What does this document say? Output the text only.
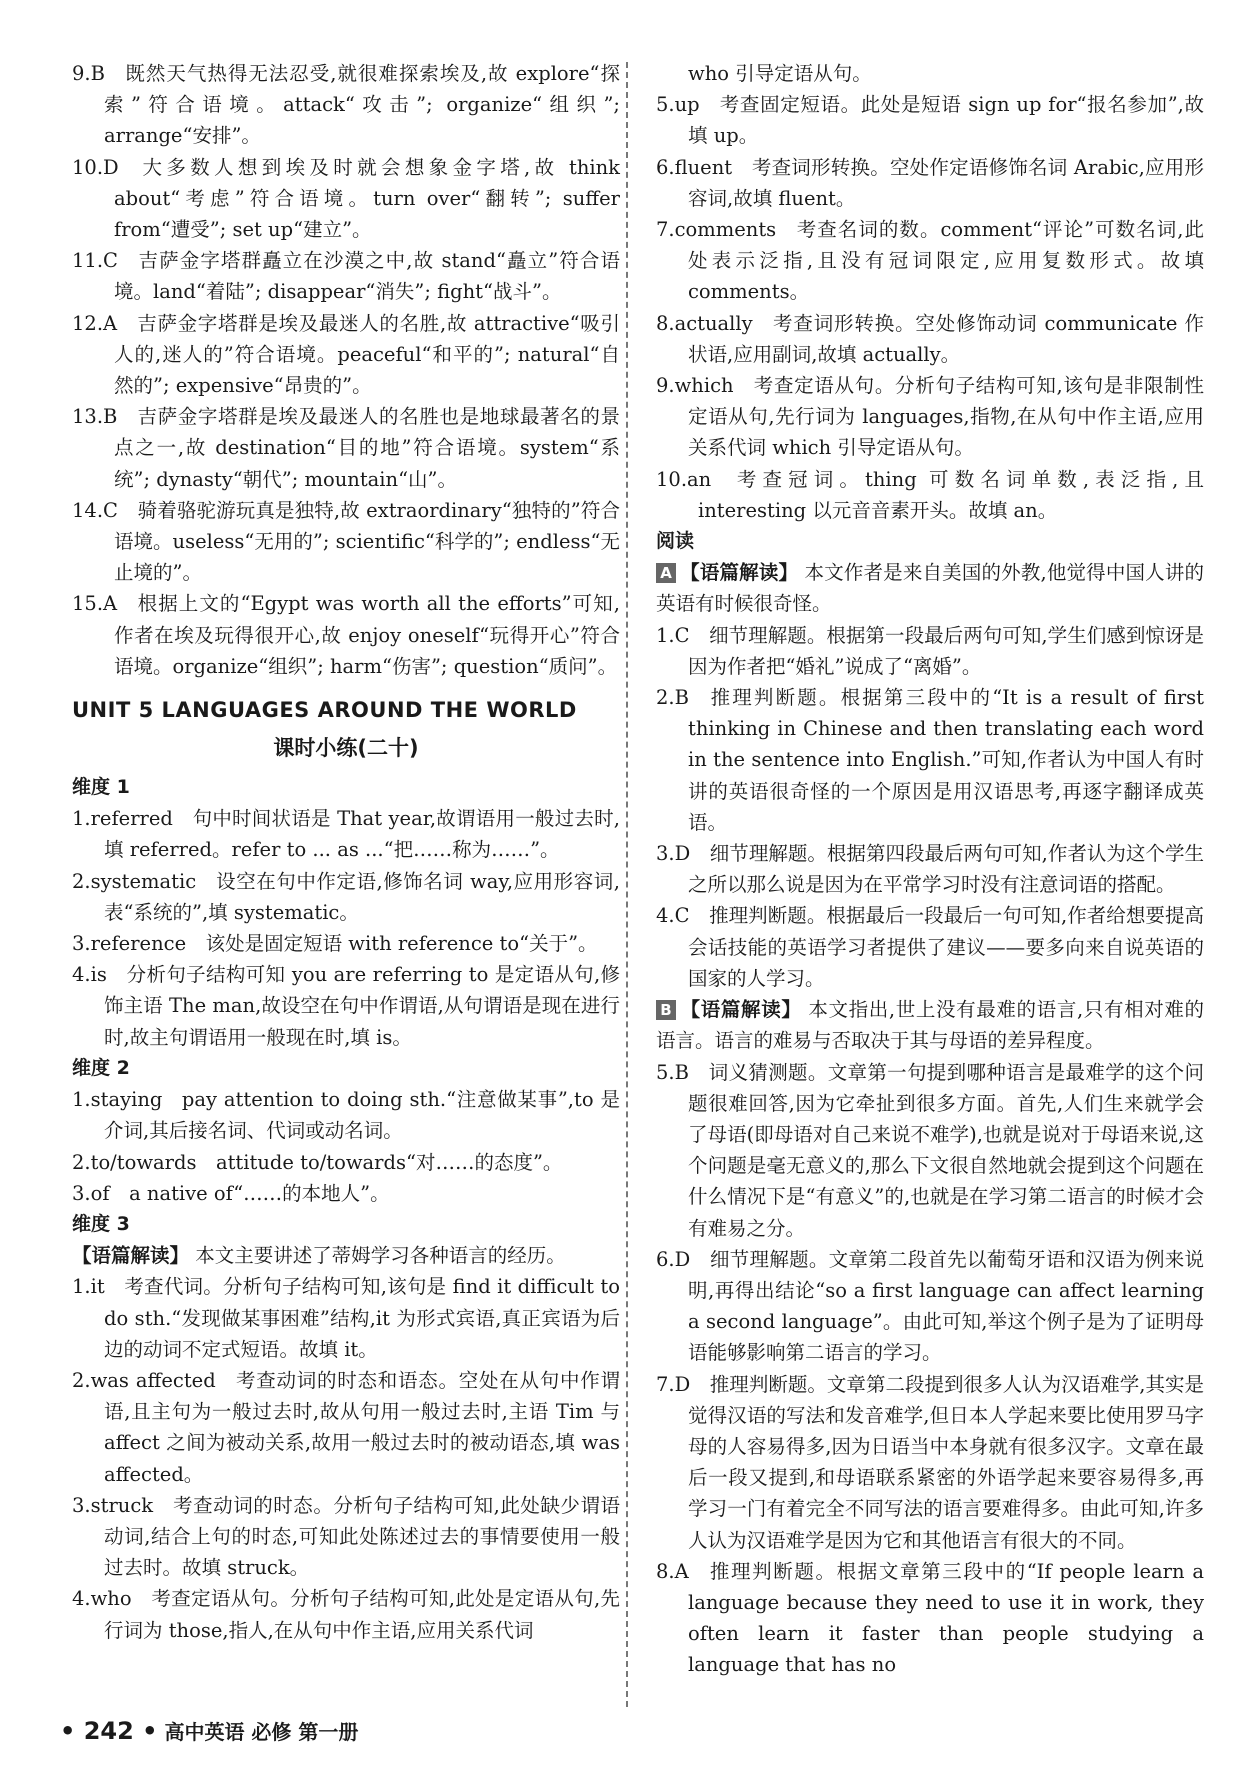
9.B   既然天气热得无法忍受,就很难探索埃及,故 explore“探索”符合语境。attack“攻击”; organize“组织”; arrange“安排”。
10.D   大多数人想到埃及时就会想象金字塔,故 think about“考虑”符合语境。turn over“翻转”; suffer from“遭受”; set up“建立”。
11.C   吉萨金字塔群矗立在沙漠之中,故 stand“矗立”符合语境。land“着陆”; disappear“消失”; fight“战斗”。
12.A   吉萨金字塔群是埃及最迷人的名胜,故 attractive“吸引人的,迷人的”符合语境。peaceful“和平的”; natural“自然的”; expensive“昂贵的”。
13.B   吉萨金字塔群是埃及最迷人的名胜也是地球最著名的景点之一,故 destination“目的地”符合语境。system“系统”; dynasty“朝代”; mountain“山”。
14.C   骑着骆驼游玩真是独特,故 extraordinary“独特的”符合语境。useless“无用的”; scientific“科学的”; endless“无止境的”。
15.A   根据上文的“Egypt was worth all the efforts”可知,作者在埃及玩得很开心,故 enjoy oneself“玩得开心”符合语境。organize“组织”; harm“伤害”; question“质问”。
UNIT 5 LANGUAGES AROUND THE WORLD
课时小练(二十)
维度 1
1.referred   句中时间状语是 That year,故谓语用一般过去时,填 referred。refer to ... as ...“把……称为……”。
2.systematic   设空在句中作定语,修饰名词 way,应用形容词,表“系统的”,填 systematic。
3.reference   该处是固定短语 with reference to“关于”。
4.is   分析句子结构可知 you are referring to 是定语从句,修饰主语 The man,故设空在句中作谓语,从句谓语是现在进行时,故主句谓语用一般现在时,填 is。
维度 2
1.staying   pay attention to doing sth.“注意做某事”,to 是介词,其后接名词、代词或动名词。
2.to/towards   attitude to/towards“对……的态度”。
3.of   a native of“……的本地人”。
维度 3
【语篇解读】 本文主要讲述了蒂姆学习各种语言的经历。
1.it   考查代词。分析句子结构可知,该句是 find it difficult to do sth.“发现做某事困难”结构,it 为形式宾语,真正宾语为后边的动词不定式短语。故填 it。
2.was affected   考查动词的时态和语态。空处在从句中作谓语,且主句为一般过去时,故从句用一般过去时,主语 Tim 与 affect 之间为被动关系,故用一般过去时的被动语态,填 was affected。
3.struck   考查动词的时态。分析句子结构可知,此处缺少谓语动词,结合上句的时态,可知此处陈述过去的事情要使用一般过去时。故填 struck。
4.who   考查定语从句。分析句子结构可知,此处是定语从句,先行词为 those,指人,在从句中作主语,应用关系代词
who 引导定语从句。
5.up   考查固定短语。此处是短语 sign up for“报名参加”,故填 up。
6.fluent   考查词形转换。空处作定语修饰名词 Arabic,应用形容词,故填 fluent。
7.comments   考查名词的数。comment“评论”可数名词,此处表示泛指,且没有冠词限定,应用复数形式。故填 comments。
8.actually   考查词形转换。空处修饰动词 communicate 作状语,应用副词,故填 actually。
9.which   考查定语从句。分析句子结构可知,该句是非限制性定语从句,先行词为 languages,指物,在从句中作主语,应用关系代词 which 引导定语从句。
10.an   考查冠词。thing 可数名词单数,表泛指,且 interesting 以元音音素开头。故填 an。
阅读
A 【语篇解读】 本文作者是来自美国的外教,他觉得中国人讲的英语有时候很奇怪。
1.C   细节理解题。根据第一段最后两句可知,学生们感到惊讶是因为作者把“婚礼”说成了“离婚”。
2.B   推理判断题。根据第三段中的“It is a result of first thinking in Chinese and then translating each word in the sentence into English.”可知,作者认为中国人有时讲的英语很奇怪的一个原因是用汉语思考,再逐字翻译成英语。
3.D   细节理解题。根据第四段最后两句可知,作者认为这个学生之所以那么说是因为在平常学习时没有注意词语的搭配。
4.C   推理判断题。根据最后一段最后一句可知,作者给想要提高会话技能的英语学习者提供了建议——要多向来自说英语的国家的人学习。
B 【语篇解读】 本文指出,世上没有最难的语言,只有相对难的语言。语言的难易与否取决于其与母语的差异程度。
5.B   词义猜测题。文章第一句提到哪种语言是最难学的这个问题很难回答,因为它牵扯到很多方面。首先,人们生来就学会了母语(即母语对自己来说不难学),也就是说对于母语来说,这个问题是毫无意义的,那么下文很自然地就会提到这个问题在什么情况下是“有意义”的,也就是在学习第二语言的时候才会有难易之分。
6.D   细节理解题。文章第二段首先以葡萄牙语和汉语为例来说明,再得出结论“so a first language can affect learning a second language”。由此可知,举这个例子是为了证明母语能够影响第二语言的学习。
7.D   推理判断题。文章第二段提到很多人认为汉语难学,其实是觉得汉语的写法和发音难学,但日本人学起来要比使用罗马字母的人容易得多,因为日语当中本身就有很多汉字。文章在最后一段又提到,和母语联系紧密的外语学起来要容易得多,再学习一门有着完全不同写法的语言要难得多。由此可知,许多人认为汉语难学是因为它和其他语言有很大的不同。
8.A   推理判断题。根据文章第三段中的“If people learn a language because they need to use it in work, they often learn it faster than people studying a language that has no
• 242 • 高中英语 必修 第一册
